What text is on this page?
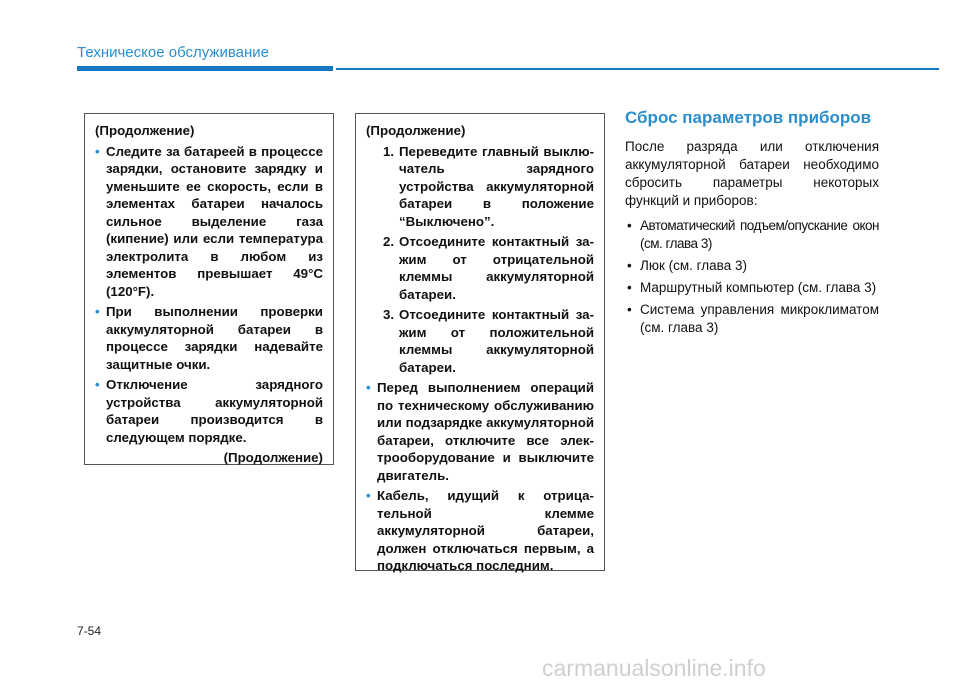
Техническое обслуживание
(Продолжение)
• Следите за батареей в процессе зарядки, остановите зарядку и уменьшите ее скорость, если в элементах батареи началось сильное выделение газа (кипение) или если температура электролита в любом из элементов превышает 49°C (120°F).
• При выполнении проверки аккумуляторной батареи в процессе зарядки надевайте защитные очки.
• Отключение зарядного устройства аккумуляторной батареи производится в следующем порядке.
(Продолжение)
(Продолжение)
1. Переведите главный выклю-чатель зарядного устройства аккумуляторной батареи в положение “Выключено”.
2. Отсоедините контактный за-жим от отрицательной клеммы аккумуляторной батареи.
3. Отсоедините контактный за-жим от положительной клеммы аккумуляторной батареи.
• Перед выполнением операций по техническому обслуживанию или подзарядке аккумуляторной батареи, отключите все элек-трооборудование и выключите двигатель.
• Кабель, идущий к отрица-тельной клемме аккумуляторной батареи, должен отключаться первым, а подключаться последним.
Сброс параметров приборов
После разряда или отключения аккумуляторной батареи необходимо сбросить параметры некоторых функций и приборов:
• Автоматический подъем/опускание окон (см. глава 3)
• Люк (см. глава 3)
• Маршрутный компьютер (см. глава 3)
• Система управления микроклиматом (см. глава 3)
7-54
carmanualsonline.info
